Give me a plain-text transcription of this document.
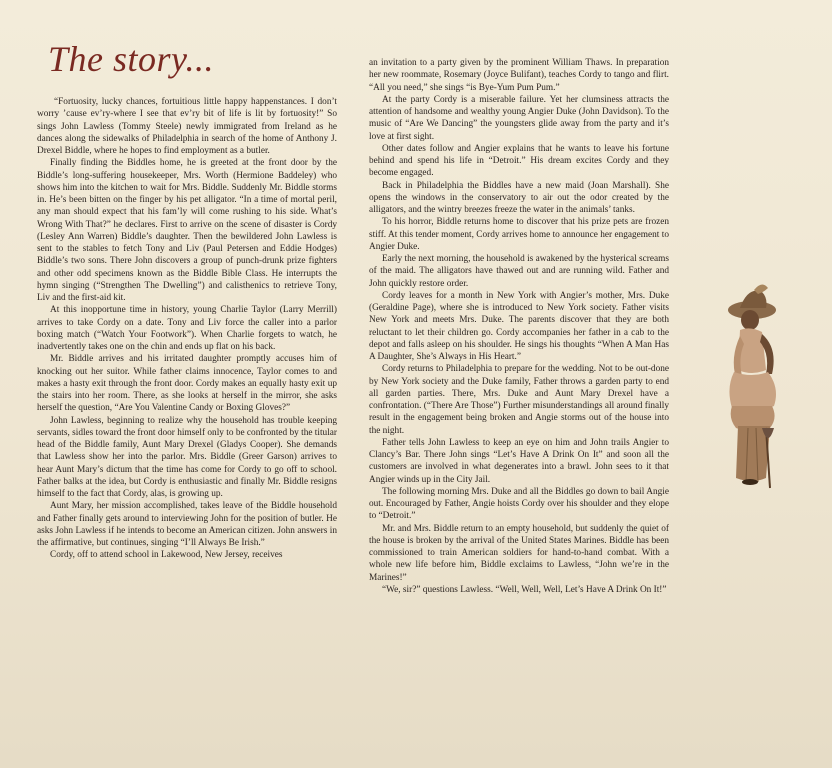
The story...

“Fortuosity, lucky chances, fortuitious little happy happenstances. I don’t worry ’cause ev’ry-where I see that ev’ry bit of life is lit by fortuosity!” So sings John Lawless (Tommy Steele) newly immigrated from Ireland as he dances along the sidewalks of Philadelphia in search of the home of Anthony J. Drexel Biddle, where he hopes to find employment as a butler.

Finally finding the Biddles home, he is greeted at the front door by the Biddle’s long-suffering housekeeper, Mrs. Worth (Hermione Baddeley) who shows him into the kitchen to wait for Mrs. Biddle. Suddenly Mr. Biddle storms in. He’s been bitten on the finger by his pet alligator. “In a time of mortal peril, any man should expect that his fam’ly will come rushing to his side. What’s Wrong With That?” he declares. First to arrive on the scene of disaster is Cordy (Lesley Ann Warren) Biddle’s daughter. Then the bewildered John Lawless is sent to the stables to fetch Tony and Liv (Paul Petersen and Eddie Hodges) Biddle’s two sons. There John discovers a group of punch-drunk prize fighters and other odd specimens known as the Biddle Bible Class. He interrupts the hymn singing (“Strengthen The Dwelling”) and calisthenics to retrieve Tony, Liv and the first-aid kit.

At this inopportune time in history, young Charlie Taylor (Larry Merrill) arrives to take Cordy on a date. Tony and Liv force the caller into a parlor boxing match (“Watch Your Footwork”). When Charlie forgets to watch, he inadvertently takes one on the chin and ends up flat on his back.

Mr. Biddle arrives and his irritated daughter promptly accuses him of knocking out her suitor. While father claims innocence, Taylor comes to and makes a hasty exit through the front door. Cordy makes an equally hasty exit up the stairs into her room. There, as she looks at herself in the mirror, she asks herself the question, “Are You Valentine Candy or Boxing Gloves?”

John Lawless, beginning to realize why the household has trouble keeping servants, sidles toward the front door himself only to be confronted by the titular head of the Biddle family, Aunt Mary Drexel (Gladys Cooper). She demands that Lawless show her into the parlor. Mrs. Biddle (Greer Garson) arrives to hear Aunt Mary’s dictum that the time has come for Cordy to go off to school. Father balks at the idea, but Cordy is enthusiastic and finally Mr. Biddle resigns himself to the fact that Cordy, alas, is growing up.

Aunt Mary, her mission accomplished, takes leave of the Biddle household and Father finally gets around to interviewing John for the position of butler. He asks John Lawless if he intends to become an American citizen. John answers in the affirmative, but continues, singing “I’ll Always Be Irish.”

Cordy, off to attend school in Lakewood, New Jersey, receives

an invitation to a party given by the prominent William Thaws. In preparation her new roommate, Rosemary (Joyce Bulifant), teaches Cordy to tango and flirt. “All you need,” she sings “is Bye-Yum Pum Pum.”

At the party Cordy is a miserable failure. Yet her clumsiness attracts the attention of handsome and wealthy young Angier Duke (John Davidson). To the music of “Are We Dancing” the youngsters glide away from the party and it’s love at first sight.

Other dates follow and Angier explains that he wants to leave his fortune behind and spend his life in “Detroit.” His dream excites Cordy and they become engaged.

Back in Philadelphia the Biddles have a new maid (Joan Marshall). She opens the windows in the conservatory to air out the odor created by the alligators, and the wintry breezes freeze the water in the animals’ tanks.

To his horror, Biddle returns home to discover that his prize pets are frozen stiff. At this tender moment, Cordy arrives home to announce her engagement to Angier Duke.

Early the next morning, the household is awakened by the hysterical screams of the maid. The alligators have thawed out and are running wild. Father and John quickly restore order.

Cordy leaves for a month in New York with Angier’s mother, Mrs. Duke (Geraldine Page), where she is introduced to New York society. Father visits New York and meets Mrs. Duke. The parents discover that they are both reluctant to let their children go. Cordy accompanies her father in a cab to the depot and falls asleep on his shoulder. He sings his thoughts “When A Man Has A Daughter, She’s Always in His Heart.”

Cordy returns to Philadelphia to prepare for the wedding. Not to be out-done by New York society and the Duke family, Father throws a garden party to end all garden parties. There, Mrs. Duke and Aunt Mary Drexel have a confrontation. (“There Are Those”) Further misunderstandings all around finally result in the engagement being broken and Angie storms out of the house into the night.

Father tells John Lawless to keep an eye on him and John trails Angier to Clancy’s Bar. There John sings “Let’s Have A Drink On It” and soon all the customers are involved in what degenerates into a brawl. John sees to it that Angier winds up in the City Jail.

The following morning Mrs. Duke and all the Biddles go down to bail Angie out. Encouraged by Father, Angie hoists Cordy over his shoulder and they elope to “Detroit.”

Mr. and Mrs. Biddle return to an empty household, but suddenly the quiet of the house is broken by the arrival of the United States Marines. Biddle has been commissioned to train American soldiers for hand-to-hand combat. With a whole new life before him, Biddle exclaims to Lawless, “John we’re in the Marines!”

“We, sir?” questions Lawless. “Well, Well, Well, Let’s Have A Drink On It!”
